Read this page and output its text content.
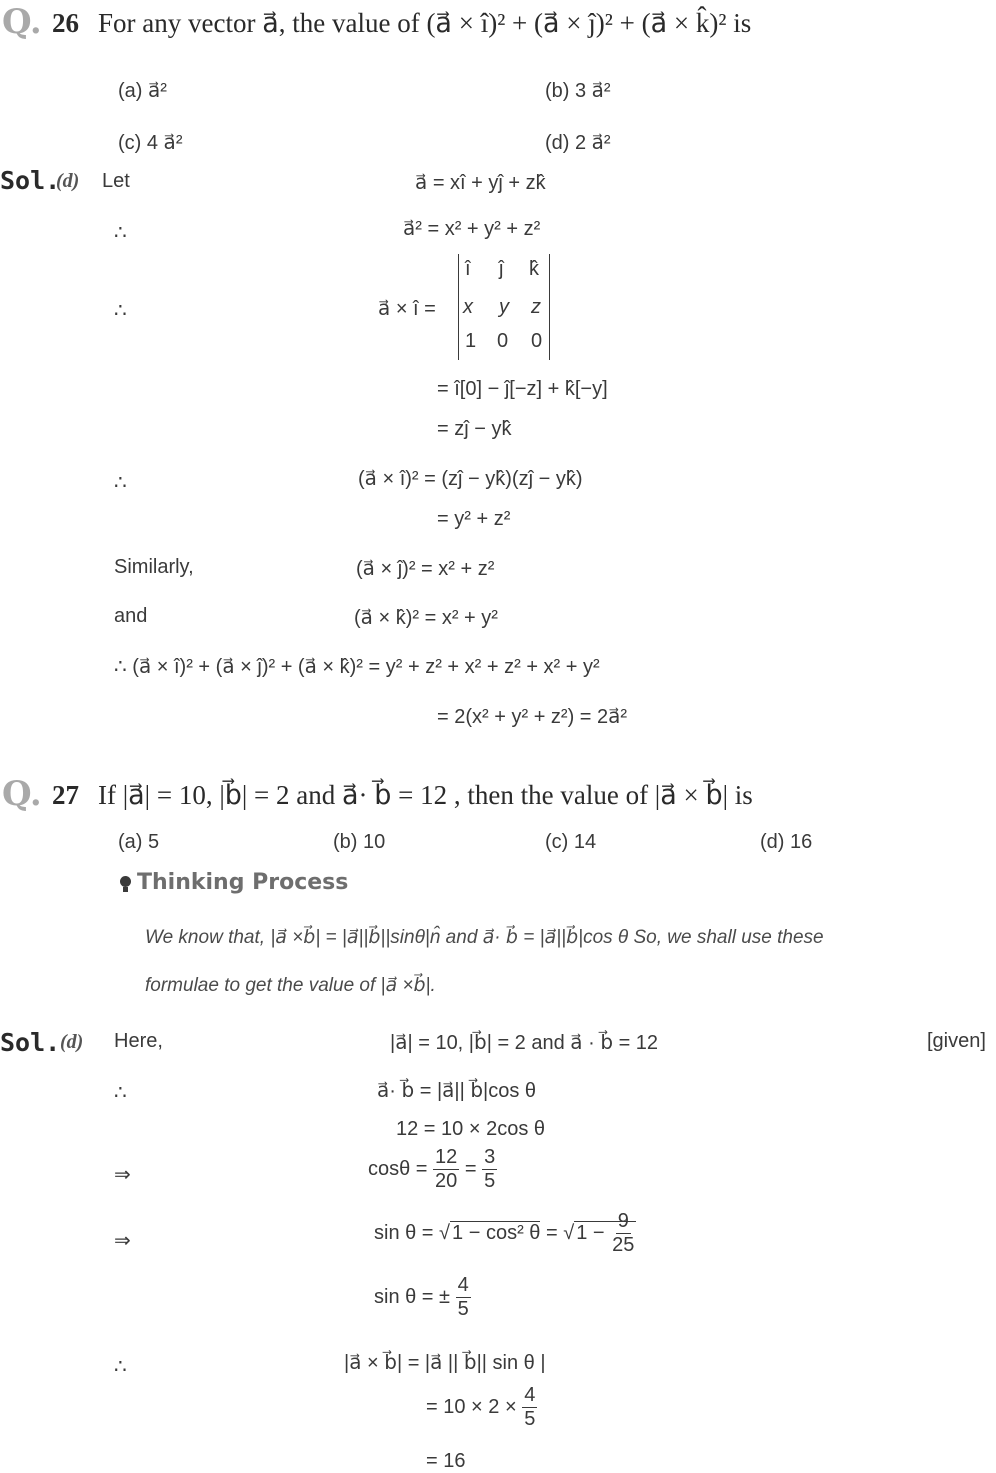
Q. 26 For any vector a⃗, the value of (a⃗ × î)² + (a⃗ × ĵ)² + (a⃗ × k̂)² is
(a) a⃗²	(b) 3 a⃗²
(c) 4 a⃗²	(d) 2 a⃗²
Sol.
(d) Let	a⃗ = xî + yĵ + zk̂
∴	a⃗² = x² + y² + z²
∴	a⃗ × î =
î ĵ k̂
x y z
1 0 0
= î[0] − ĵ[−z] + k̂[−y]
= zĵ − yk̂
∴	(a⃗ × î)² = (zĵ − yk̂)(zĵ − yk̂)
= y² + z²
Similarly,	(a⃗ × ĵ)² = x² + z²
and	(a⃗ × k̂)² = x² + y²
∴ (a⃗ × î)² + (a⃗ × ĵ)² + (a⃗ × k̂)² = y² + z² + x² + z² + x² + y²
= 2(x² + y² + z²) = 2a⃗²
Q. 27 If |a⃗| = 10, |b⃗| = 2 and a⃗· b⃗ = 12 , then the value of |a⃗ × b⃗| is
(a) 5	(b) 10	(c) 14	(d) 16
Thinking Process
We know that, |a⃗ ×b⃗| = |a⃗||b⃗||sinθ|n̂ and a⃗· b⃗ = |a⃗||b⃗|cos θ So, we shall use these
formulae to get the value of |a⃗ ×b⃗|.
Sol. (d) Here,	|a⃗| = 10, |b⃗| = 2 and a⃗ · b⃗ = 12	[given]
∴	a⃗· b⃗ = |a⃗|| b⃗|cos θ
12 = 10 × 2cos θ
⇒	$\cos\theta = \frac{12}{20} = \frac{3}{5}$
⇒	sin θ = √ 1 − cos² θ = √ $1 - \frac{9}{25}$
sin θ = ± $\frac{4}{5}$
∴	|a⃗ × b⃗| = |a⃗ || b⃗|| sin θ |
= $10 \times 2 \times \frac{4}{5}$
= 16
